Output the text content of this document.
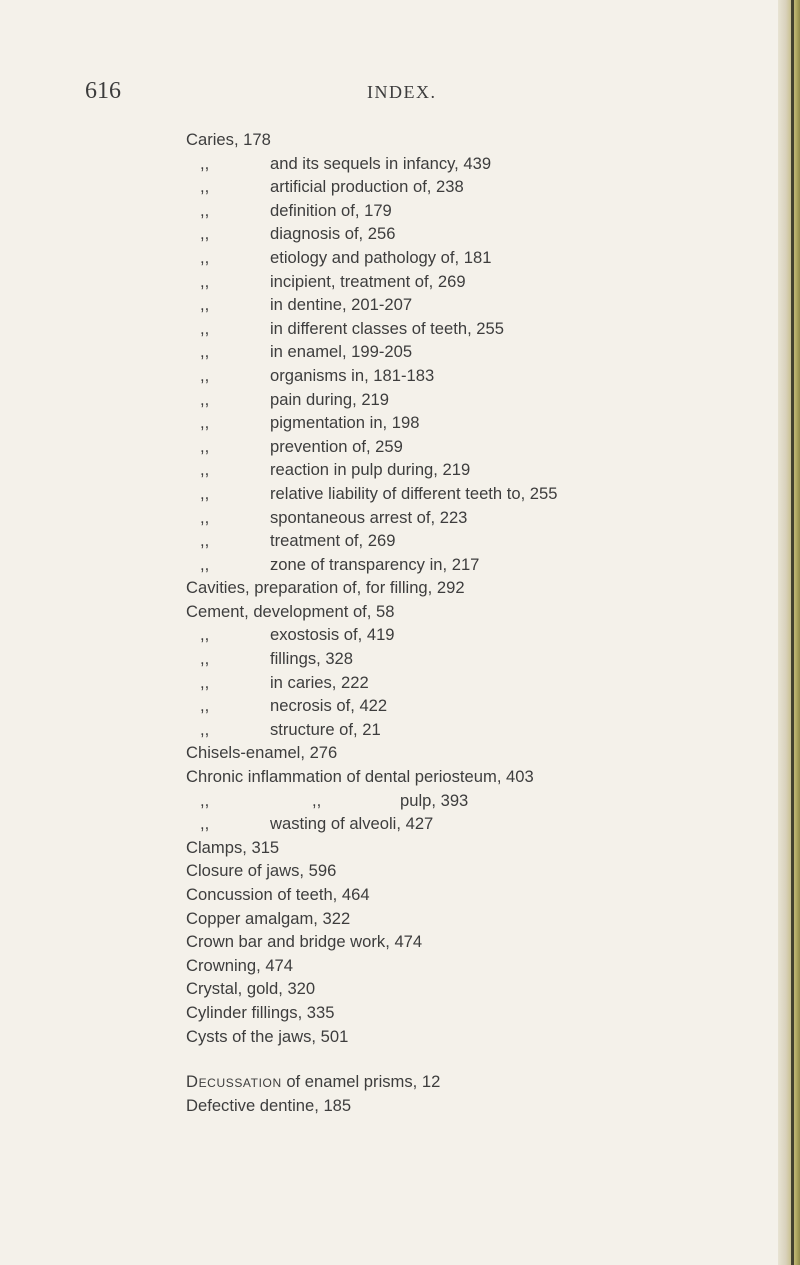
616	INDEX.
Caries, 178
,,	and its sequels in infancy, 439
,,	artificial production of, 238
,,	definition of, 179
,,	diagnosis of, 256
,,	etiology and pathology of, 181
,,	incipient, treatment of, 269
,,	in dentine, 201-207
,,	in different classes of teeth, 255
,,	in enamel, 199-205
,,	organisms in, 181-183
,,	pain during, 219
,,	pigmentation in, 198
,,	prevention of, 259
,,	reaction in pulp during, 219
,,	relative liability of different teeth to, 255
,,	spontaneous arrest of, 223
,,	treatment of, 269
,,	zone of transparency in, 217
Cavities, preparation of, for filling, 292
Cement, development of, 58
,,	exostosis of, 419
,,	fillings, 328
,,	in caries, 222
,,	necrosis of, 422
,,	structure of, 21
Chisels-enamel, 276
Chronic inflammation of dental periosteum, 403
,,	,,	pulp, 393
,,	wasting of alveoli, 427
Clamps, 315
Closure of jaws, 596
Concussion of teeth, 464
Copper amalgam, 322
Crown bar and bridge work, 474
Crowning, 474
Crystal, gold, 320
Cylinder fillings, 335
Cysts of the jaws, 501
Decussation of enamel prisms, 12
Defective dentine, 185
